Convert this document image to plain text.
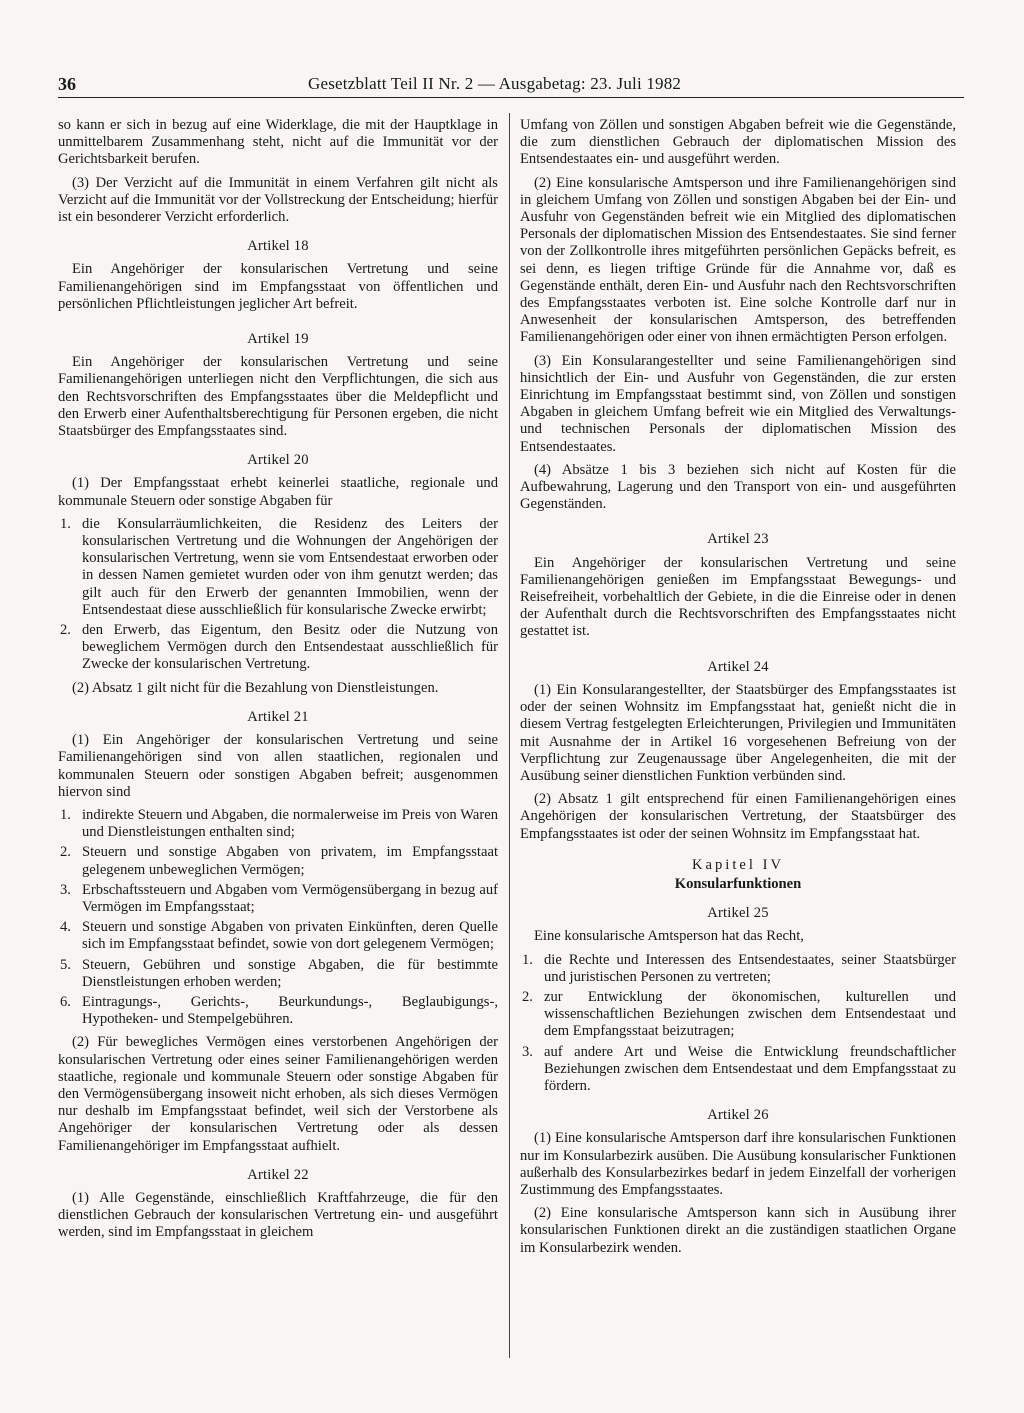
36	Gesetzblatt Teil II Nr. 2 — Ausgabetag: 23. Juli 1982

so kann er sich in bezug auf eine Widerklage, die mit der Hauptklage in unmittelbarem Zusammenhang steht, nicht auf die Immunität vor der Gerichtsbarkeit berufen.

(3) Der Verzicht auf die Immunität in einem Verfahren gilt nicht als Verzicht auf die Immunität vor der Vollstreckung der Entscheidung; hierfür ist ein besonderer Verzicht erforderlich.

Artikel 18

Ein Angehöriger der konsularischen Vertretung und seine Familienangehörigen sind im Empfangsstaat von öffentlichen und persönlichen Pflichtleistungen jeglicher Art befreit.

Artikel 19

Ein Angehöriger der konsularischen Vertretung und seine Familienangehörigen unterliegen nicht den Verpflichtungen, die sich aus den Rechtsvorschriften des Empfangsstaates über die Meldepflicht und den Erwerb einer Aufenthaltsberechtigung für Personen ergeben, die nicht Staatsbürger des Empfangsstaates sind.

Artikel 20

(1) Der Empfangsstaat erhebt keinerlei staatliche, regionale und kommunale Steuern oder sonstige Abgaben für

1. die Konsularräumlichkeiten, die Residenz des Leiters der konsularischen Vertretung und die Wohnungen der Angehörigen der konsularischen Vertretung, wenn sie vom Entsendestaat erworben oder in dessen Namen gemietet wurden oder von ihm genutzt werden; das gilt auch für den Erwerb der genannten Immobilien, wenn der Entsendestaat diese ausschließlich für konsularische Zwecke erwirbt;
2. den Erwerb, das Eigentum, den Besitz oder die Nutzung von beweglichem Vermögen durch den Entsendestaat ausschließlich für Zwecke der konsularischen Vertretung.

(2) Absatz 1 gilt nicht für die Bezahlung von Dienstleistungen.

Artikel 21

(1) Ein Angehöriger der konsularischen Vertretung und seine Familienangehörigen sind von allen staatlichen, regionalen und kommunalen Steuern oder sonstigen Abgaben befreit; ausgenommen hiervon sind

1. indirekte Steuern und Abgaben, die normalerweise im Preis von Waren und Dienstleistungen enthalten sind;
2. Steuern und sonstige Abgaben von privatem, im Empfangsstaat gelegenem unbeweglichen Vermögen;
3. Erbschaftssteuern und Abgaben vom Vermögensübergang in bezug auf Vermögen im Empfangsstaat;
4. Steuern und sonstige Abgaben von privaten Einkünften, deren Quelle sich im Empfangsstaat befindet, sowie von dort gelegenem Vermögen;
5. Steuern, Gebühren und sonstige Abgaben, die für bestimmte Dienstleistungen erhoben werden;
6. Eintragungs-, Gerichts-, Beurkundungs-, Beglaubigungs-, Hypotheken- und Stempelgebühren.

(2) Für bewegliches Vermögen eines verstorbenen Angehörigen der konsularischen Vertretung oder eines seiner Familienangehörigen werden staatliche, regionale und kommunale Steuern oder sonstige Abgaben für den Vermögensübergang insoweit nicht erhoben, als sich dieses Vermögen nur deshalb im Empfangsstaat befindet, weil sich der Verstorbene als Angehöriger der konsularischen Vertretung oder als dessen Familienangehöriger im Empfangsstaat aufhielt.

Artikel 22

(1) Alle Gegenstände, einschließlich Kraftfahrzeuge, die für den dienstlichen Gebrauch der konsularischen Vertretung ein- und ausgeführt werden, sind im Empfangsstaat in gleichem

Umfang von Zöllen und sonstigen Abgaben befreit wie die Gegenstände, die zum dienstlichen Gebrauch der diplomatischen Mission des Entsendestaates ein- und ausgeführt werden.

(2) Eine konsularische Amtsperson und ihre Familienangehörigen sind in gleichem Umfang von Zöllen und sonstigen Abgaben bei der Ein- und Ausfuhr von Gegenständen befreit wie ein Mitglied des diplomatischen Personals der diplomatischen Mission des Entsendestaates. Sie sind ferner von der Zollkontrolle ihres mitgeführten persönlichen Gepäcks befreit, es sei denn, es liegen triftige Gründe für die Annahme vor, daß es Gegenstände enthält, deren Ein- und Ausfuhr nach den Rechtsvorschriften des Empfangsstaates verboten ist. Eine solche Kontrolle darf nur in Anwesenheit der konsularischen Amtsperson, des betreffenden Familienangehörigen oder einer von ihnen ermächtigten Person erfolgen.

(3) Ein Konsularangestellter und seine Familienangehörigen sind hinsichtlich der Ein- und Ausfuhr von Gegenständen, die zur ersten Einrichtung im Empfangsstaat bestimmt sind, von Zöllen und sonstigen Abgaben in gleichem Umfang befreit wie ein Mitglied des Verwaltungs- und technischen Personals der diplomatischen Mission des Entsendestaates.

(4) Absätze 1 bis 3 beziehen sich nicht auf Kosten für die Aufbewahrung, Lagerung und den Transport von ein- und ausgeführten Gegenständen.

Artikel 23

Ein Angehöriger der konsularischen Vertretung und seine Familienangehörigen genießen im Empfangsstaat Bewegungs- und Reisefreiheit, vorbehaltlich der Gebiete, in die die Einreise oder in denen der Aufenthalt durch die Rechtsvorschriften des Empfangsstaates nicht gestattet ist.

Artikel 24

(1) Ein Konsularangestellter, der Staatsbürger des Empfangsstaates ist oder der seinen Wohnsitz im Empfangsstaat hat, genießt nicht die in diesem Vertrag festgelegten Erleichterungen, Privilegien und Immunitäten mit Ausnahme der in Artikel 16 vorgesehenen Befreiung von der Verpflichtung zur Zeugenaussage über Angelegenheiten, die mit der Ausübung seiner dienstlichen Funktion verbünden sind.

(2) Absatz 1 gilt entsprechend für einen Familienangehörigen eines Angehörigen der konsularischen Vertretung, der Staatsbürger des Empfangsstaates ist oder der seinen Wohnsitz im Empfangsstaat hat.

Kapitel IV
Konsularfunktionen
Artikel 25

Eine konsularische Amtsperson hat das Recht,

1. die Rechte und Interessen des Entsendestaates, seiner Staatsbürger und juristischen Personen zu vertreten;
2. zur Entwicklung der ökonomischen, kulturellen und wissenschaftlichen Beziehungen zwischen dem Entsendestaat und dem Empfangsstaat beizutragen;
3. auf andere Art und Weise die Entwicklung freundschaftlicher Beziehungen zwischen dem Entsendestaat und dem Empfangsstaat zu fördern.
Artikel 26

(1) Eine konsularische Amtsperson darf ihre konsularischen Funktionen nur im Konsularbezirk ausüben. Die Ausübung konsularischer Funktionen außerhalb des Konsularbezirkes bedarf in jedem Einzelfall der vorherigen Zustimmung des Empfangsstaates.

(2) Eine konsularische Amtsperson kann sich in Ausübung ihrer konsularischen Funktionen direkt an die zuständigen staatlichen Organe im Konsularbezirk wenden.
